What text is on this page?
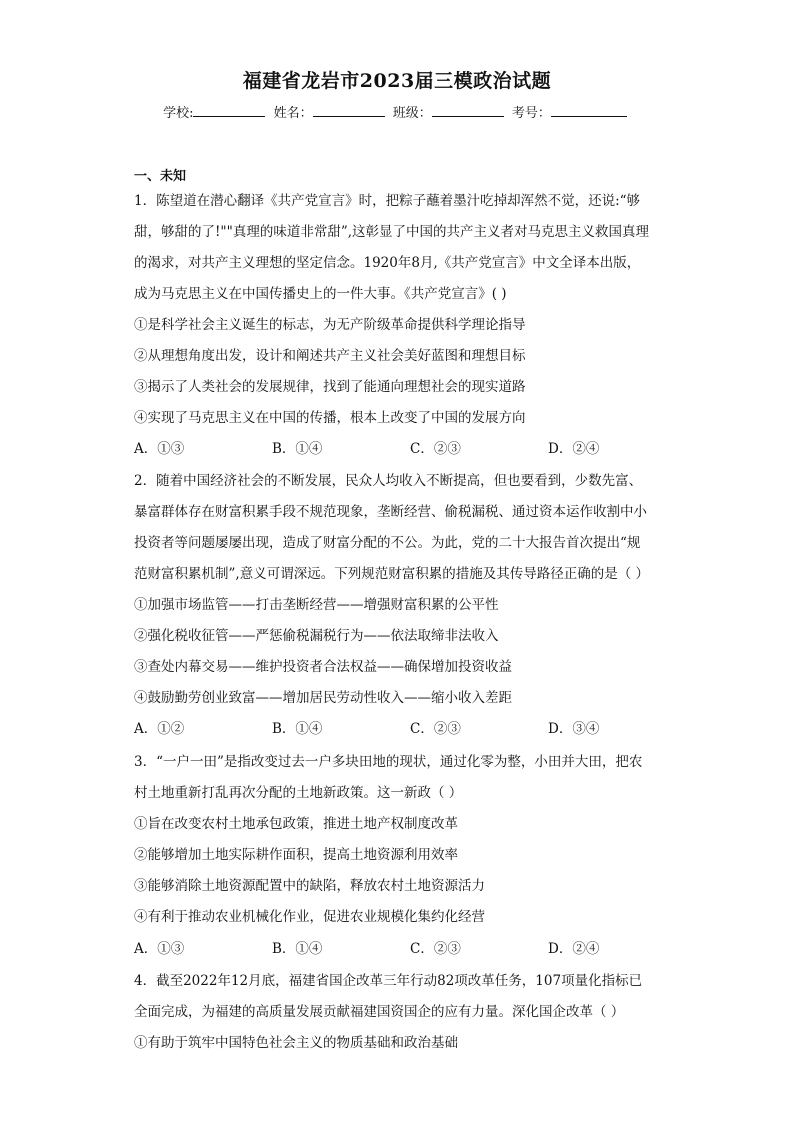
福建省龙岩市2023届三模政治试题
学校:	姓名：	班级：	考号：
一、未知
1．陈望道在潜心翻译《共产党宣言》时，把粽子蘸着墨汁吃掉却浑然不觉，还说:“够
甜，够甜的了!""真理的味道非常甜”,这彰显了中国的共产主义者对马克思主义救国真理
的渴求，对共产主义理想的坚定信念。1920年8月,《共产党宣言》中文全译本出版，
成为马克思主义在中国传播史上的一件大事。《共产党宣言》( )
①是科学社会主义诞生的标志，为无产阶级革命提供科学理论指导
②从理想角度出发，设计和阐述共产主义社会美好蓝图和理想目标
③揭示了人类社会的发展规律，找到了能通向理想社会的现实道路
④实现了马克思主义在中国的传播，根本上改变了中国的发展方向
A．①③	B．①④	C．②③	D．②④
2．随着中国经济社会的不断发展，民众人均收入不断提高，但也要看到，少数先富、
暴富群体存在财富积累手段不规范现象，垄断经营、偷税漏税、通过资本运作收割中小
投资者等问题屡屡出现，造成了财富分配的不公。为此，党的二十大报告首次提出“规
范财富积累机制”,意义可谓深远。下列规范财富积累的措施及其传导路径正确的是（ ）
①加强市场监管——打击垄断经营——增强财富积累的公平性
②强化税收征管——严惩偷税漏税行为——依法取缔非法收入
③查处内幕交易——维护投资者合法权益——确保增加投资收益
④鼓励勤劳创业致富——增加居民劳动性收入——缩小收入差距
A．①②	B．①④	C．②③	D．③④
3．“一户一田”是指改变过去一户多块田地的现状，通过化零为整，小田并大田，把农
村土地重新打乱再次分配的土地新政策。这一新政（ ）
①旨在改变农村土地承包政策，推进土地产权制度改革
②能够增加土地实际耕作面积，提高土地资源利用效率
③能够消除土地资源配置中的缺陷，释放农村土地资源活力
④有利于推动农业机械化作业，促进农业规模化集约化经营
A．①③	B．①④	C．②③	D．②④
4．截至2022年12月底，福建省国企改革三年行动82项改革任务，107项量化指标已
全面完成，为福建的高质量发展贡献福建国资国企的应有力量。深化国企改革（ ）
①有助于筑牢中国特色社会主义的物质基础和政治基础
